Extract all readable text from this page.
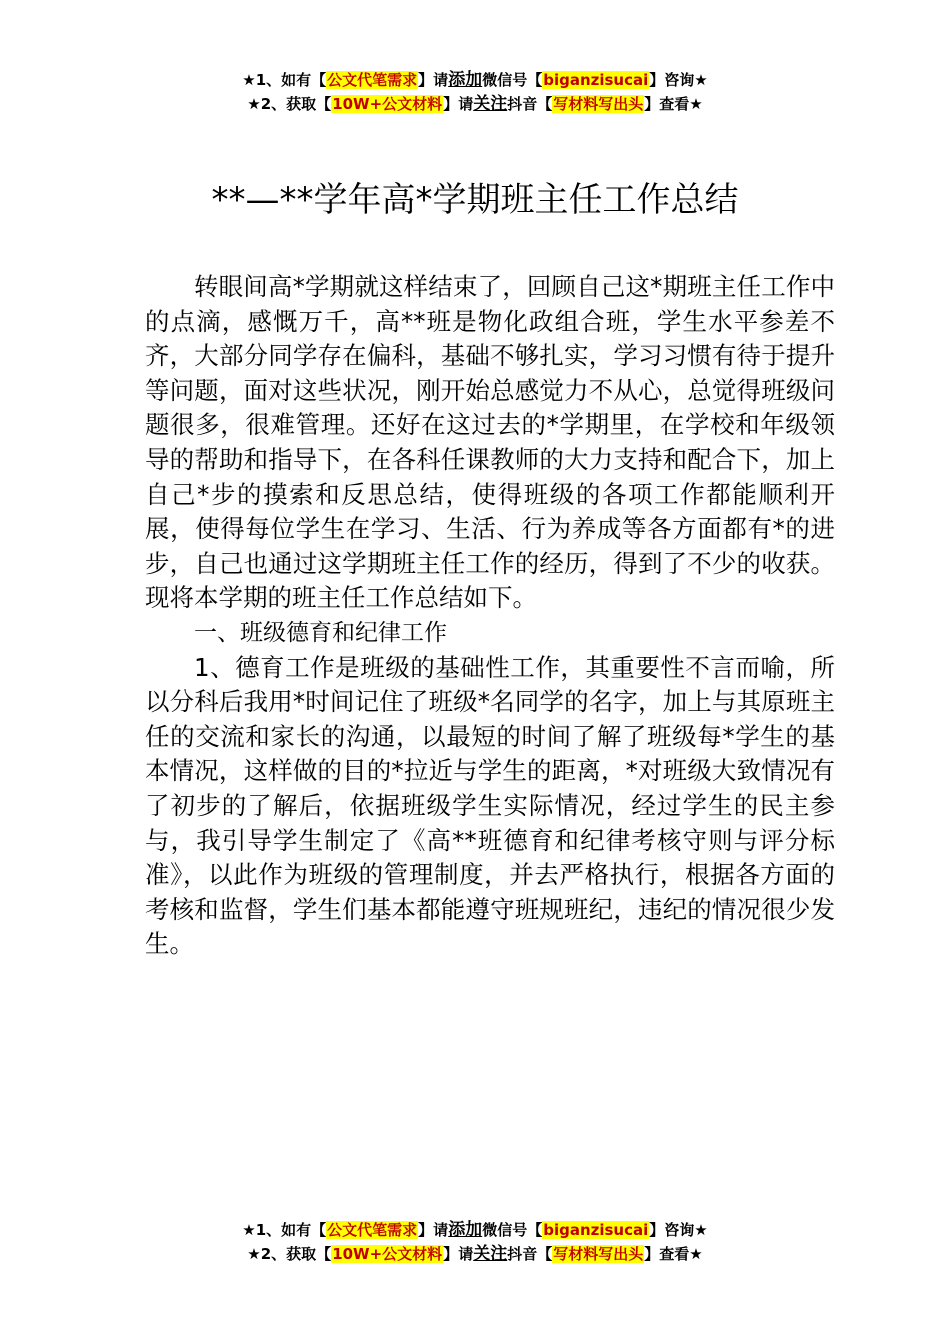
★1、如有【公文代笔需求】请添加微信号【biganzisucai】咨询★
★2、获取【10W+公文材料】请关注抖音【写材料写出头】查看★
**—**学年高*学期班主任工作总结

转眼间高*学期就这样结束了，回顾自己这*期班主任工作中的点滴，感慨万千，高**班是物化政组合班，学生水平参差不齐，大部分同学存在偏科，基础不够扎实，学习习惯有待于提升等问题，面对这些状况，刚开始总感觉力不从心，总觉得班级问题很多，很难管理。还好在这过去的*学期里，在学校和年级领导的帮助和指导下，在各科任课教师的大力支持和配合下，加上自己*步的摸索和反思总结，使得班级的各项工作都能顺利开展，使得每位学生在学习、生活、行为养成等各方面都有*的进步，自己也通过这学期班主任工作的经历，得到了不少的收获。现将本学期的班主任工作总结如下。

一、班级德育和纪律工作

1、德育工作是班级的基础性工作，其重要性不言而喻，所以分科后我用*时间记住了班级*名同学的名字，加上与其原班主任的交流和家长的沟通，以最短的时间了解了班级每*学生的基本情况，这样做的目的*拉近与学生的距离，*对班级大致情况有了初步的了解后，依据班级学生实际情况，经过学生的民主参与，我引导学生制定了《高**班德育和纪律考核守则与评分标准》，以此作为班级的管理制度，并去严格执行，根据各方面的考核和监督，学生们基本都能遵守班规班纪，违纪的情况很少发生。

★1、如有【公文代笔需求】请添加微信号【biganzisucai】咨询★
★2、获取【10W+公文材料】请关注抖音【写材料写出头】查看★
